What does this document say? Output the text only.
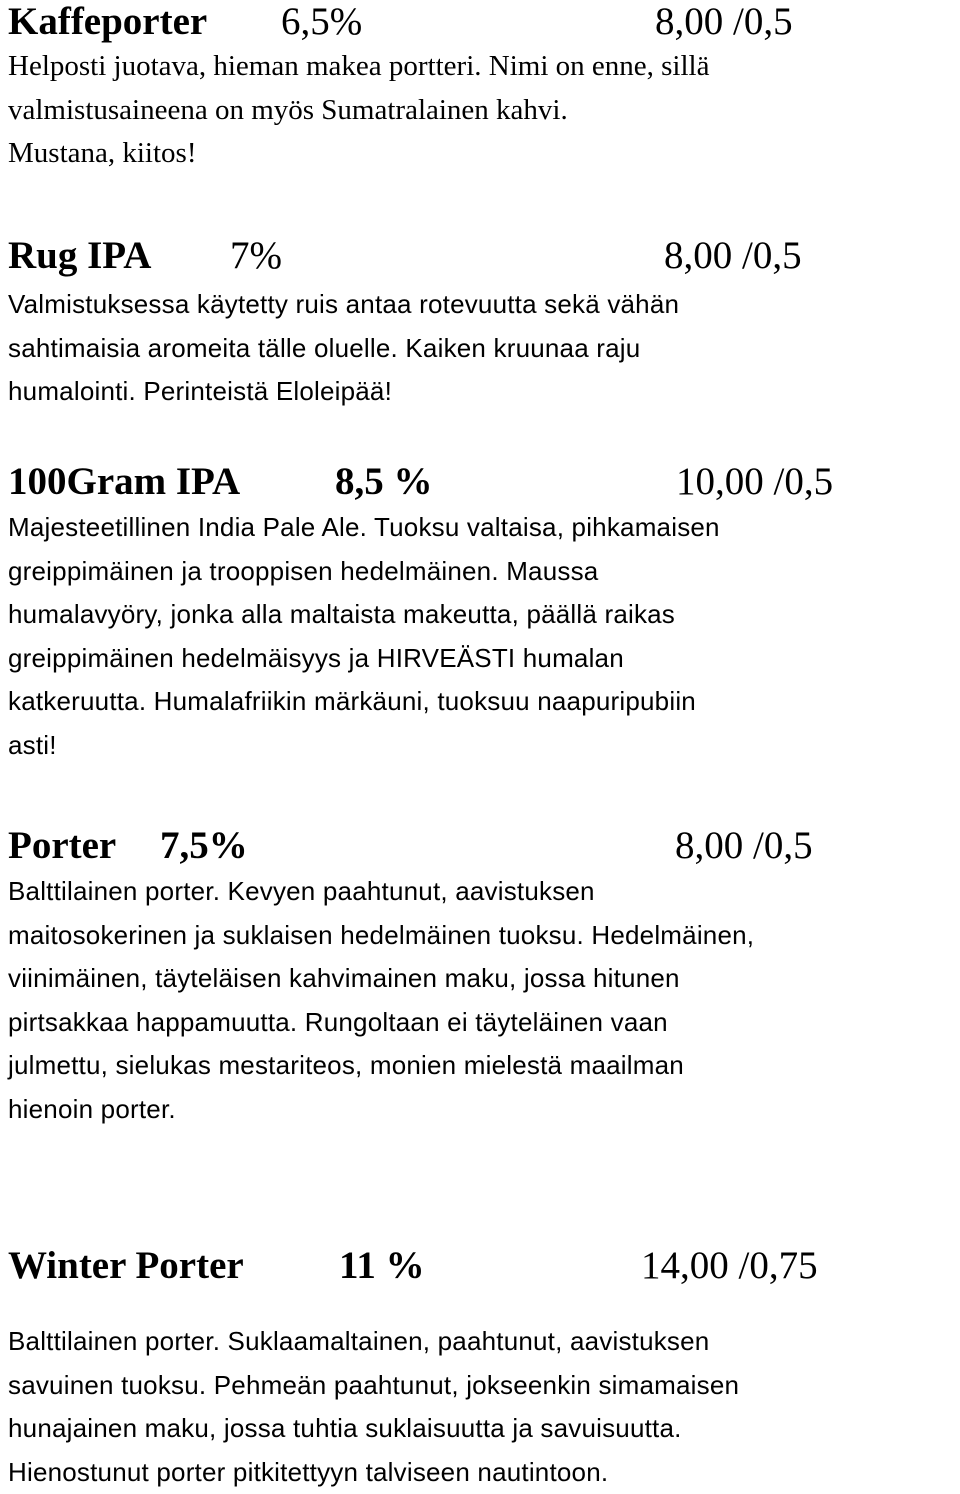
Kaffeporter 6,5%	8,00 /0,5

Helposti juotava, hieman makea portteri. Nimi on enne, sillä
valmistusaineena on myös Sumatralainen kahvi.
Mustana, kiitos!

Rug IPA 7%	8,00 /0,5

Valmistuksessa käytetty ruis antaa rotevuutta sekä vähän
sahtimaisia aromeita tälle oluelle. Kaiken kruunaa raju
humalointi. Perinteistä Eloleipää!

100Gram IPA 8,5 %	10,00 /0,5

Majesteetillinen India Pale Ale. Tuoksu valtaisa, pihkamaisen
greippimäinen ja trooppisen hedelmäinen. Maussa
humalavyöry, jonka alla maltaista makeutta, päällä raikas
greippimäinen hedelmäisyys ja HIRVEÄSTI humalan
katkeruutta. Humalafriikin märkäuni, tuoksuu naapuripubiin
asti!

Porter 7,5%	8,00 /0,5

Balttilainen porter. Kevyen paahtunut, aavistuksen
maitosokerinen ja suklaisen hedelmäinen tuoksu. Hedelmäinen,
viinimäinen, täyteläisen kahvimainen maku, jossa hitunen
pirtsakkaa happamuutta. Rungoltaan ei täyteläinen vaan
julmettu, sielukas mestariteos, monien mielestä maailman
hienoin porter.

Winter Porter 11 %	14,00 /0,75

Balttilainen porter. Suklaamaltainen, paahtunut, aavistuksen
savuinen tuoksu. Pehmeän paahtunut, jokseenkin simamaisen
hunajainen maku, jossa tuhtia suklaisuutta ja savuisuutta.
Hienostunut porter pitkitettyyn talviseen nautintoon.
